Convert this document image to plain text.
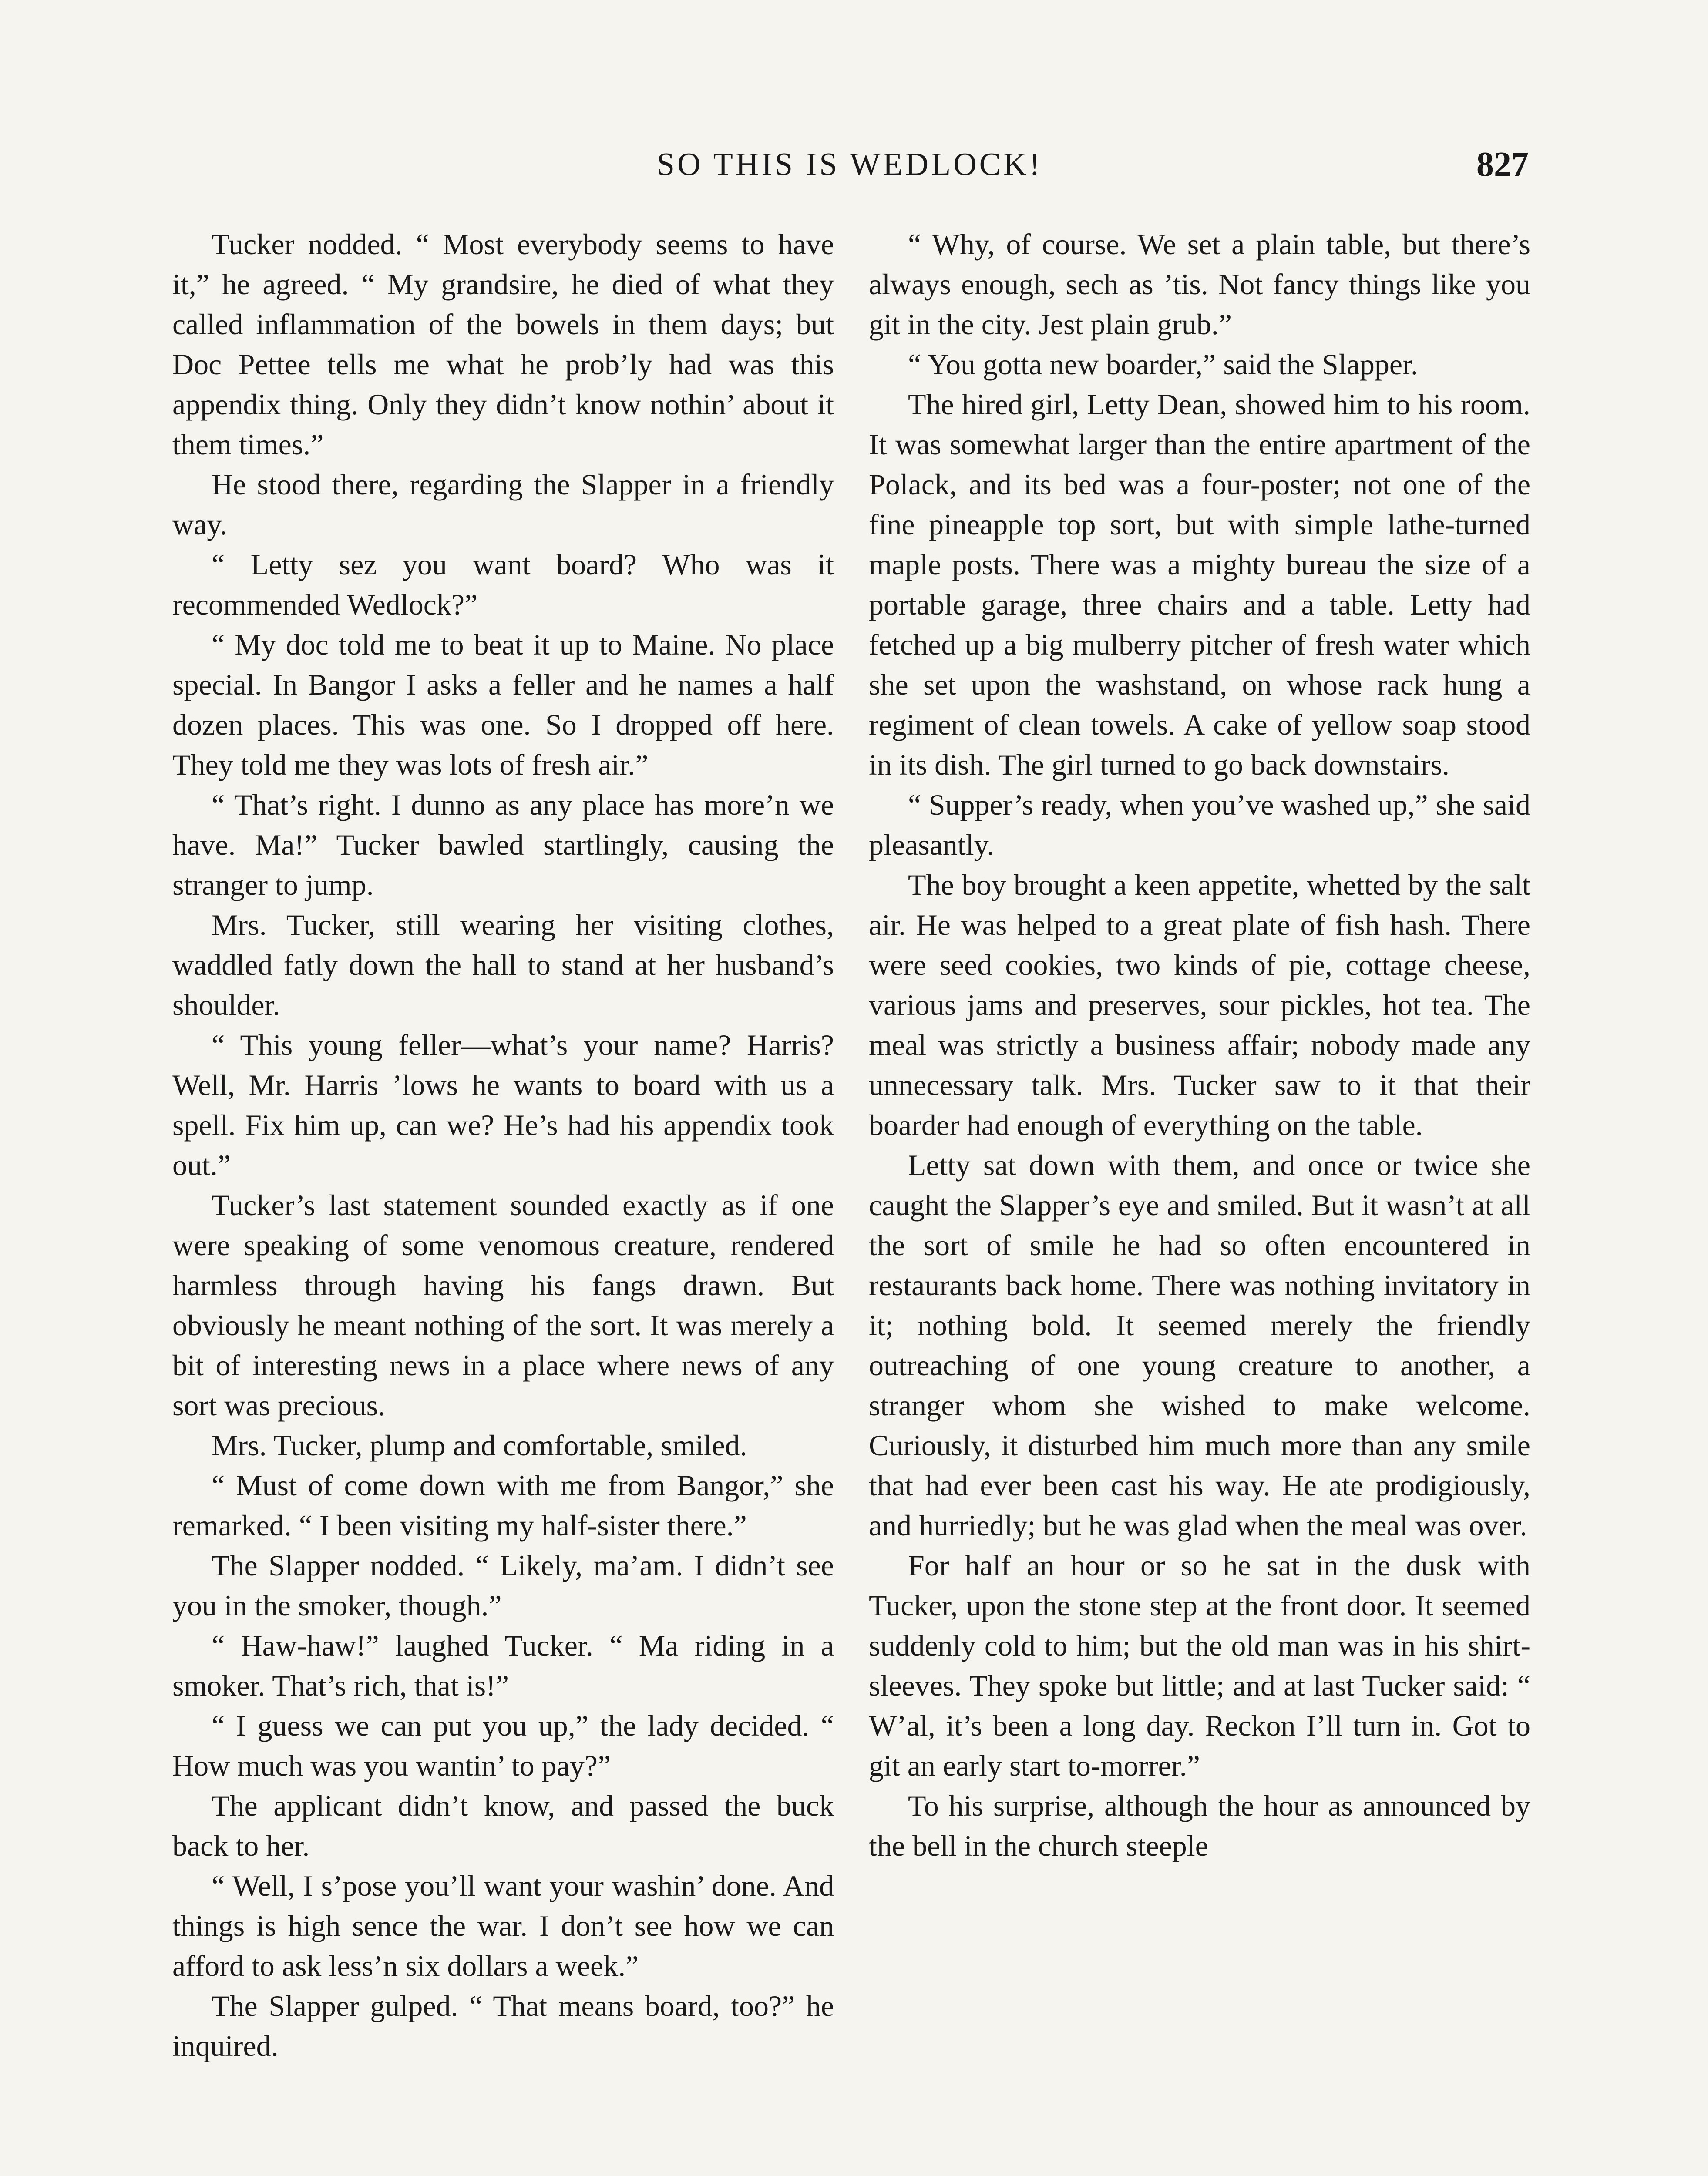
SO THIS IS WEDLOCK!	827

Tucker nodded. “ Most everybody seems to have it,” he agreed. “ My grandsire, he died of what they called inflammation of the bowels in them days; but Doc Pettee tells me what he prob’ly had was this appendix thing. Only they didn’t know nothin’ about it them times.”

He stood there, regarding the Slapper in a friendly way.

“ Letty sez you want board? Who was it recommended Wedlock?”

“ My doc told me to beat it up to Maine. No place special. In Bangor I asks a feller and he names a half dozen places. This was one. So I dropped off here. They told me they was lots of fresh air.”

“ That’s right. I dunno as any place has more’n we have. Ma!” Tucker bawled startlingly, causing the stranger to jump.

Mrs. Tucker, still wearing her visiting clothes, waddled fatly down the hall to stand at her husband’s shoulder.

“ This young feller—what’s your name? Harris? Well, Mr. Harris ’lows he wants to board with us a spell. Fix him up, can we? He’s had his appendix took out.”

Tucker’s last statement sounded exactly as if one were speaking of some venomous creature, rendered harmless through having his fangs drawn. But obviously he meant nothing of the sort. It was merely a bit of interesting news in a place where news of any sort was precious.

Mrs. Tucker, plump and comfortable, smiled.

“ Must of come down with me from Bangor,” she remarked. “ I been visiting my half-sister there.”

The Slapper nodded. “ Likely, ma’am. I didn’t see you in the smoker, though.”

“ Haw-haw!” laughed Tucker. “ Ma riding in a smoker. That’s rich, that is!”

“ I guess we can put you up,” the lady decided. “ How much was you wantin’ to pay?”

The applicant didn’t know, and passed the buck back to her.

“ Well, I s’pose you’ll want your washin’ done. And things is high sence the war. I don’t see how we can afford to ask less’n six dollars a week.”

The Slapper gulped. “ That means board, too?” he inquired.

“ Why, of course. We set a plain table, but there’s always enough, sech as ’tis. Not fancy things like you git in the city. Jest plain grub.”

“ You gotta new boarder,” said the Slapper.

The hired girl, Letty Dean, showed him to his room. It was somewhat larger than the entire apartment of the Polack, and its bed was a four-poster; not one of the fine pineapple top sort, but with simple lathe-turned maple posts. There was a mighty bureau the size of a portable garage, three chairs and a table. Letty had fetched up a big mulberry pitcher of fresh water which she set upon the washstand, on whose rack hung a regiment of clean towels. A cake of yellow soap stood in its dish. The girl turned to go back downstairs.

“ Supper’s ready, when you’ve washed up,” she said pleasantly.

The boy brought a keen appetite, whetted by the salt air. He was helped to a great plate of fish hash. There were seed cookies, two kinds of pie, cottage cheese, various jams and preserves, sour pickles, hot tea. The meal was strictly a business affair; nobody made any unnecessary talk. Mrs. Tucker saw to it that their boarder had enough of everything on the table.

Letty sat down with them, and once or twice she caught the Slapper’s eye and smiled. But it wasn’t at all the sort of smile he had so often encountered in restaurants back home. There was nothing invitatory in it; nothing bold. It seemed merely the friendly outreaching of one young creature to another, a stranger whom she wished to make welcome. Curiously, it disturbed him much more than any smile that had ever been cast his way. He ate prodigiously, and hurriedly; but he was glad when the meal was over.

For half an hour or so he sat in the dusk with Tucker, upon the stone step at the front door. It seemed suddenly cold to him; but the old man was in his shirt-sleeves. They spoke but little; and at last Tucker said: “ W’al, it’s been a long day. Reckon I’ll turn in. Got to git an early start to-morrer.”

To his surprise, although the hour as announced by the bell in the church steeple
